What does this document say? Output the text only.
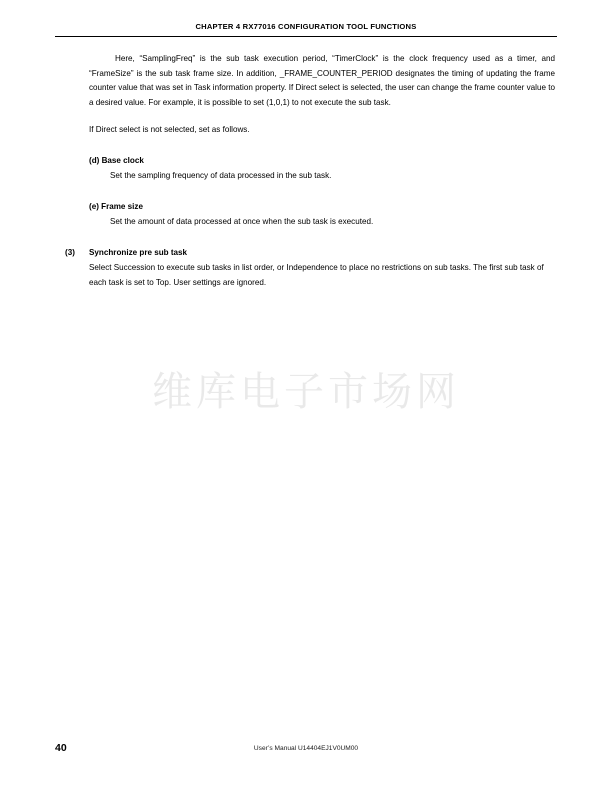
CHAPTER 4 RX77016 CONFIGURATION TOOL FUNCTIONS

Here, “SamplingFreq” is the sub task execution period, “TimerClock” is the clock frequency used as a timer, and “FrameSize” is the sub task frame size. In addition, _FRAME_COUNTER_PERIOD designates the timing of updating the frame counter value that was set in Task information property. If Direct select is selected, the user can change the frame counter value to a desired value. For example, it is possible to set (1,0,1) to not execute the sub task.

If Direct select is not selected, set as follows.

(d) Base clock
Set the sampling frequency of data processed in the sub task.
(e) Frame size
Set the amount of data processed at once when the sub task is executed.
(3) Synchronize pre sub task
Select Succession to execute sub tasks in list order, or Independence to place no restrictions on sub tasks. The first sub task of each task is set to Top. User settings are ignored.
维库电子市场网
40	User’s Manual U14404EJ1V0UM00
